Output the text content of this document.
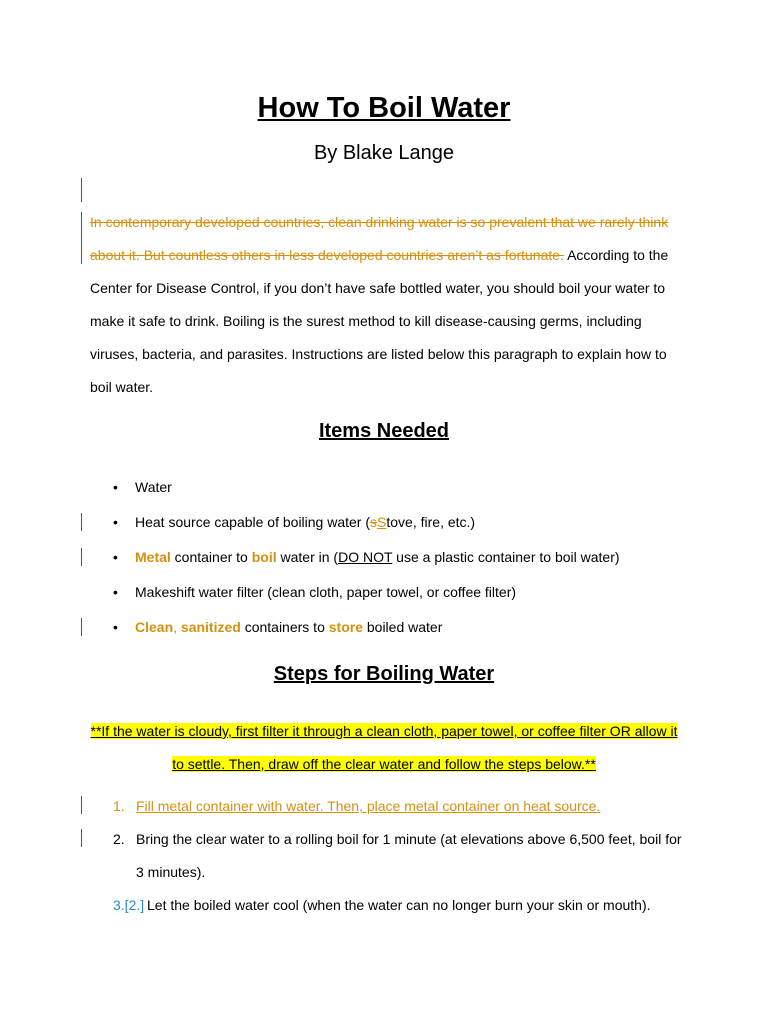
How To Boil Water
By Blake Lange

In contemporary developed countries, clean drinking water is so prevalent that we rarely think about it. But countless others in less developed countries aren’t as fortunate. According to the Center for Disease Control, if you don’t have safe bottled water, you should boil your water to make it safe to drink. Boiling is the surest method to kill disease-causing germs, including viruses, bacteria, and parasites. Instructions are listed below this paragraph to explain how to boil water.

Items Needed
• Water
• Heat source capable of boiling water (sStove, fire, etc.)
• Metal container to boil water in (DO NOT use a plastic container to boil water)
• Makeshift water filter (clean cloth, paper towel, or coffee filter)
• Clean, sanitized containers to store boiled water
Steps for Boiling Water

**If the water is cloudy, first filter it through a clean cloth, paper towel, or coffee filter OR allow it to settle. Then, draw off the clear water and follow the steps below.**

1. Fill metal container with water. Then, place metal container on heat source.
2. Bring the clear water to a rolling boil for 1 minute (at elevations above 6,500 feet, boil for 3 minutes).
3.[2.] Let the boiled water cool (when the water can no longer burn your skin or mouth).
